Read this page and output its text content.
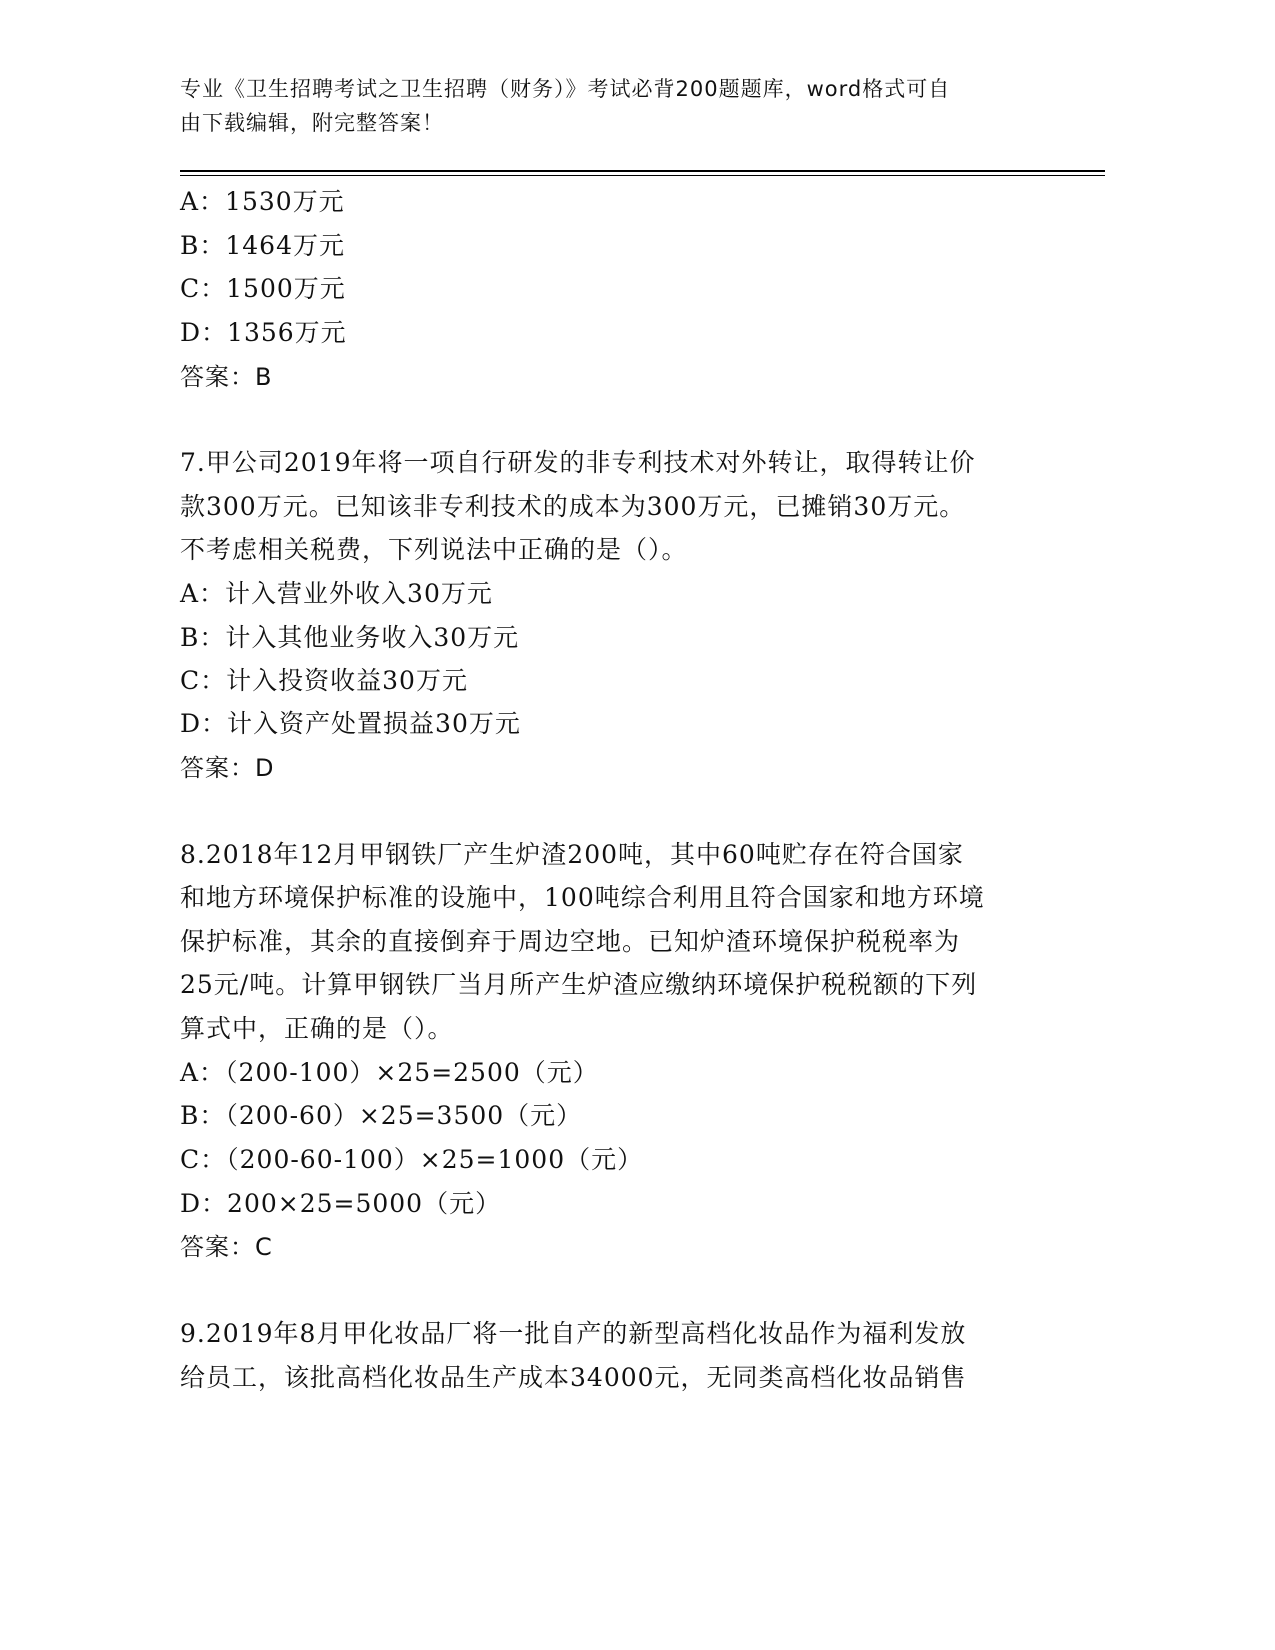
专业《卫生招聘考试之卫生招聘（财务）》考试必背200题题库，word格式可自
由下载编辑，附完整答案！
A：1530万元
B：1464万元
C：1500万元
D：1356万元
答案：B
7.甲公司2019年将一项自行研发的非专利技术对外转让，取得转让价
款300万元。已知该非专利技术的成本为300万元，已摊销30万元。
不考虑相关税费，下列说法中正确的是（）。
A：计入营业外收入30万元
B：计入其他业务收入30万元
C：计入投资收益30万元
D：计入资产处置损益30万元
答案：D
8.2018年12月甲钢铁厂产生炉渣200吨，其中60吨贮存在符合国家
和地方环境保护标准的设施中，100吨综合利用且符合国家和地方环境
保护标准，其余的直接倒弃于周边空地。已知炉渣环境保护税税率为
25元/吨。计算甲钢铁厂当月所产生炉渣应缴纳环境保护税税额的下列
算式中，正确的是（）。
A：（200-100）×25=2500（元）
B：（200-60）×25=3500（元）
C：（200-60-100）×25=1000（元）
D：200×25=5000（元）
答案：C
9.2019年8月甲化妆品厂将一批自产的新型高档化妆品作为福利发放
给员工，该批高档化妆品生产成本34000元，无同类高档化妆品销售
